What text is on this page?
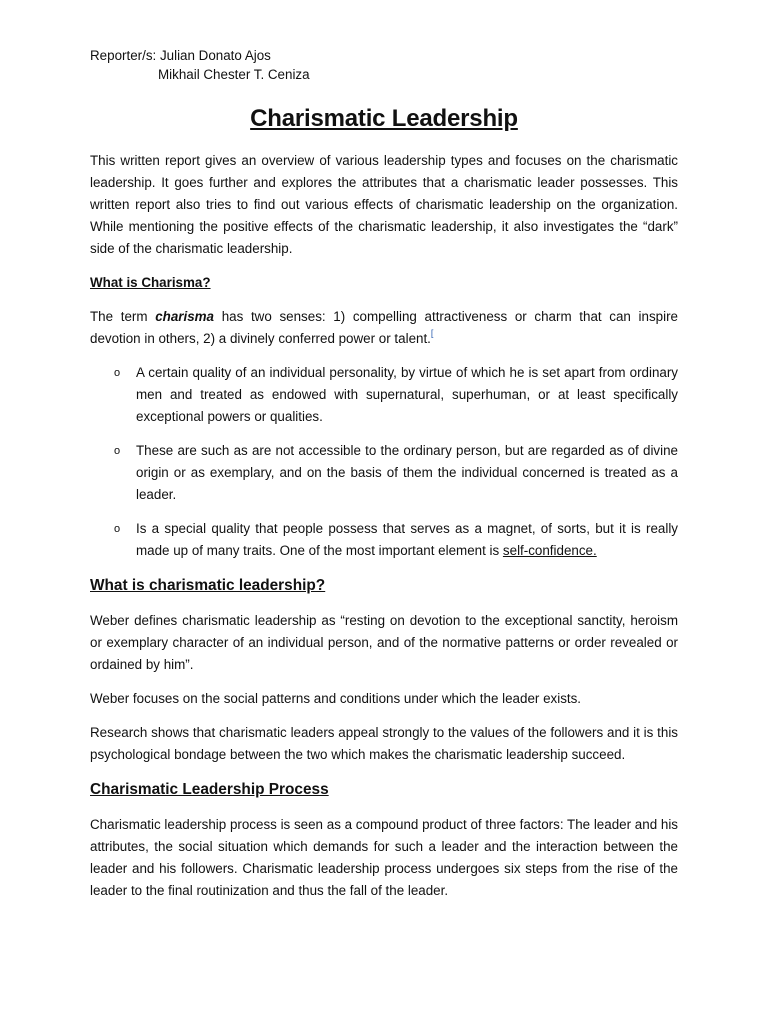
Reporter/s: Julian Donato Ajos
Mikhail Chester T. Ceniza
Charismatic Leadership

This written report gives an overview of various leadership types and focuses on the charismatic leadership. It goes further and explores the attributes that a charismatic leader possesses. This written report also tries to find out various effects of charismatic leadership on the organization. While mentioning the positive effects of the charismatic leadership, it also investigates the “dark” side of the charismatic leadership.

What is Charisma?

The term charisma has two senses: 1) compelling attractiveness or charm that can inspire devotion in others, 2) a divinely conferred power or talent.[

o A certain quality of an individual personality, by virtue of which he is set apart from ordinary men and treated as endowed with supernatural, superhuman, or at least specifically exceptional powers or qualities.
o These are such as are not accessible to the ordinary person, but are regarded as of divine origin or as exemplary, and on the basis of them the individual concerned is treated as a leader.
o Is a special quality that people possess that serves as a magnet, of sorts, but it is really made up of many traits. One of the most important element is self-confidence.
What is charismatic leadership?

Weber defines charismatic leadership as “resting on devotion to the exceptional sanctity, heroism or exemplary character of an individual person, and of the normative patterns or order revealed or ordained by him”.

Weber focuses on the social patterns and conditions under which the leader exists.

Research shows that charismatic leaders appeal strongly to the values of the followers and it is this psychological bondage between the two which makes the charismatic leadership succeed.

Charismatic Leadership Process

Charismatic leadership process is seen as a compound product of three factors: The leader and his attributes, the social situation which demands for such a leader and the interaction between the leader and his followers. Charismatic leadership process undergoes six steps from the rise of the leader to the final routinization and thus the fall of the leader.
